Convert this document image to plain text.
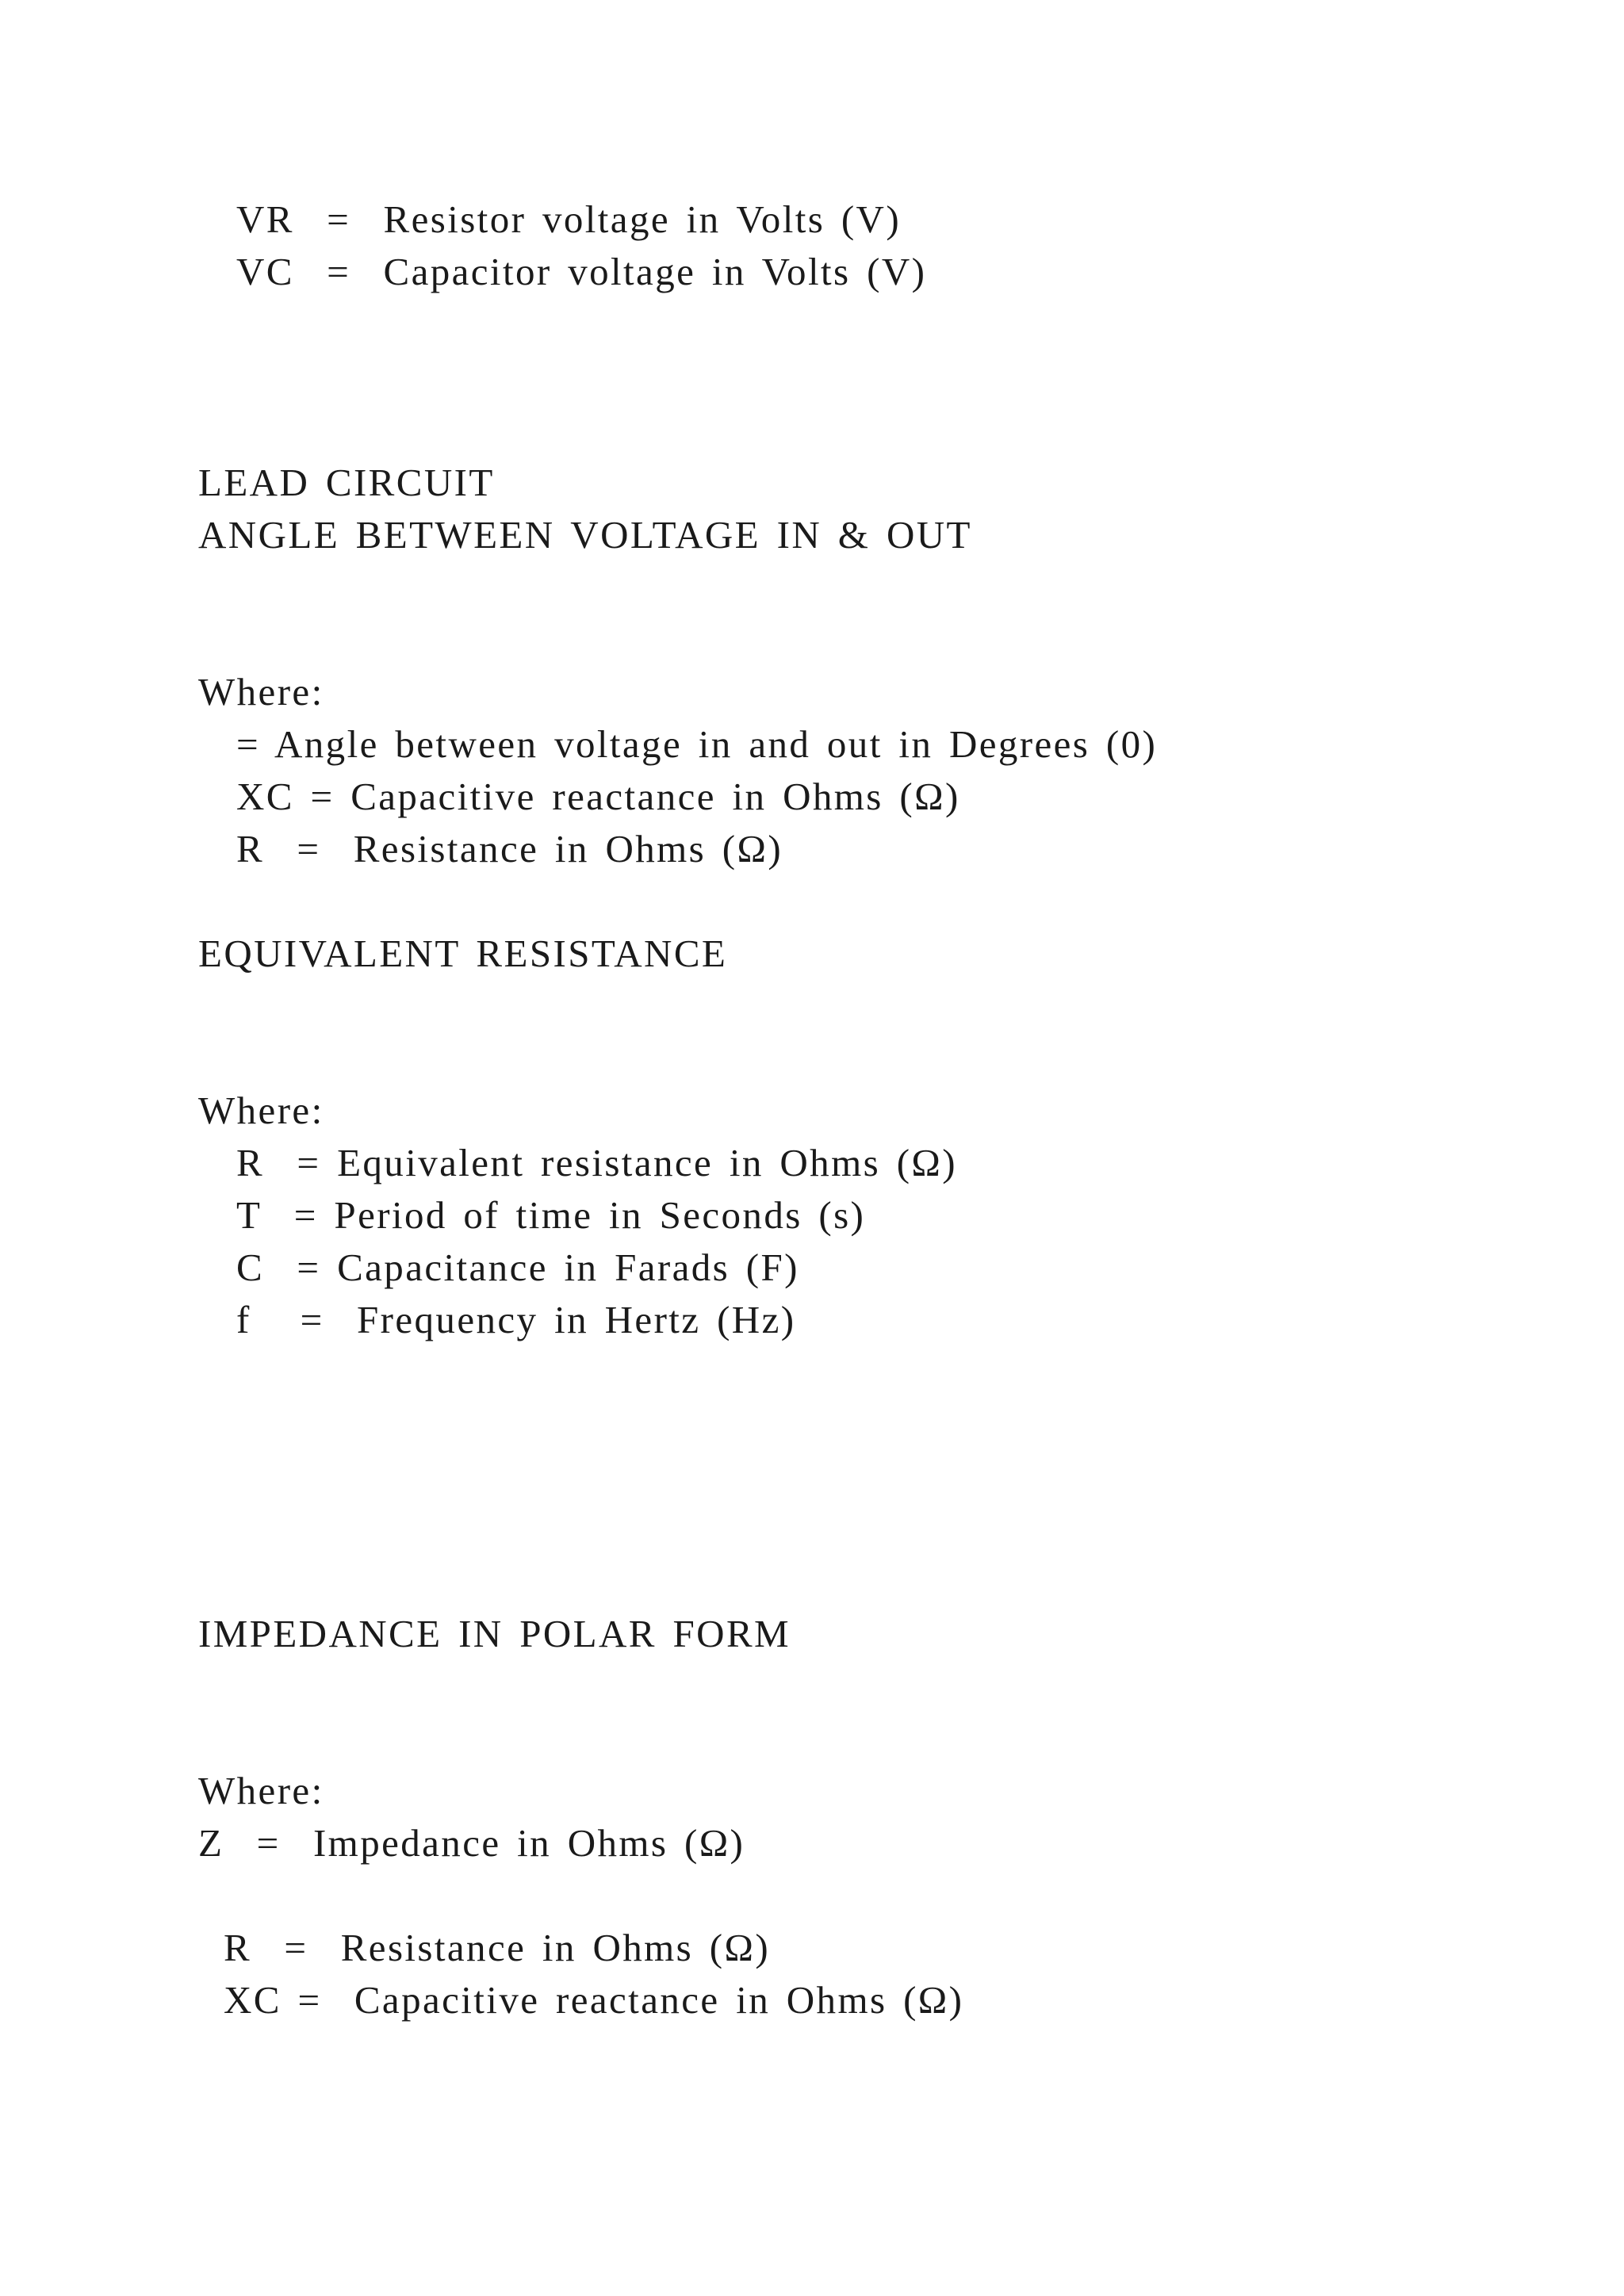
VR  =  Resistor voltage in Volts (V)
VC  =  Capacitor voltage in Volts (V)
LEAD CIRCUIT
ANGLE BETWEEN VOLTAGE IN & OUT
Where:
= Angle between voltage in and out in Degrees (0)
XC = Capacitive reactance in Ohms (Ω)
R  =  Resistance in Ohms (Ω)
EQUIVALENT RESISTANCE
Where:
R  = Equivalent resistance in Ohms (Ω)
T  = Period of time in Seconds (s)
C  = Capacitance in Farads (F)
f   =  Frequency in Hertz (Hz)
IMPEDANCE IN POLAR FORM
Where:
Z  =  Impedance in Ohms (Ω)
R  =  Resistance in Ohms (Ω)
XC =  Capacitive reactance in Ohms (Ω)
